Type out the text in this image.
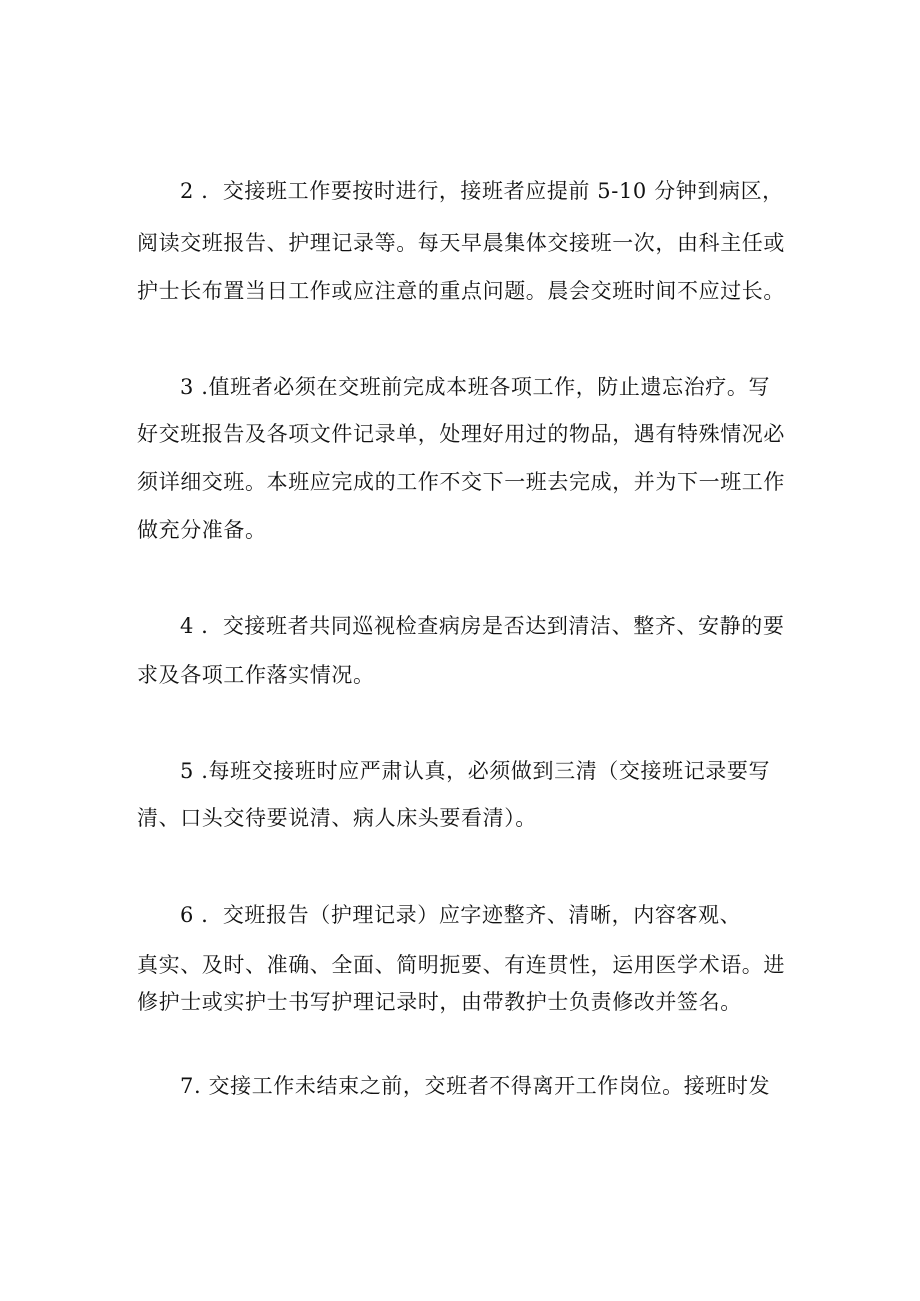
2 ．交接班工作要按时进行，接班者应提前 5-10 分钟到病区，
阅读交班报告、护理记录等。每天早晨集体交接班一次，由科主任或
护士长布置当日工作或应注意的重点问题。晨会交班时间不应过长。
3 .值班者必须在交班前完成本班各项工作，防止遗忘治疗。写
好交班报告及各项文件记录单，处理好用过的物品，遇有特殊情况必
须详细交班。本班应完成的工作不交下一班去完成，并为下一班工作
做充分准备。
4 ．交接班者共同巡视检查病房是否达到清洁、整齐、安静的要
求及各项工作落实情况。
5 .每班交接班时应严肃认真，必须做到三清（交接班记录要写
清、口头交待要说清、病人床头要看清）。
6 ．交班报告（护理记录）应字迹整齐、清晰，内容客观、
真实、及时、准确、全面、简明扼要、有连贯性，运用医学术语。进
修护士或实护士书写护理记录时，由带教护士负责修改并签名。
7. 交接工作未结束之前，交班者不得离开工作岗位。接班时发
